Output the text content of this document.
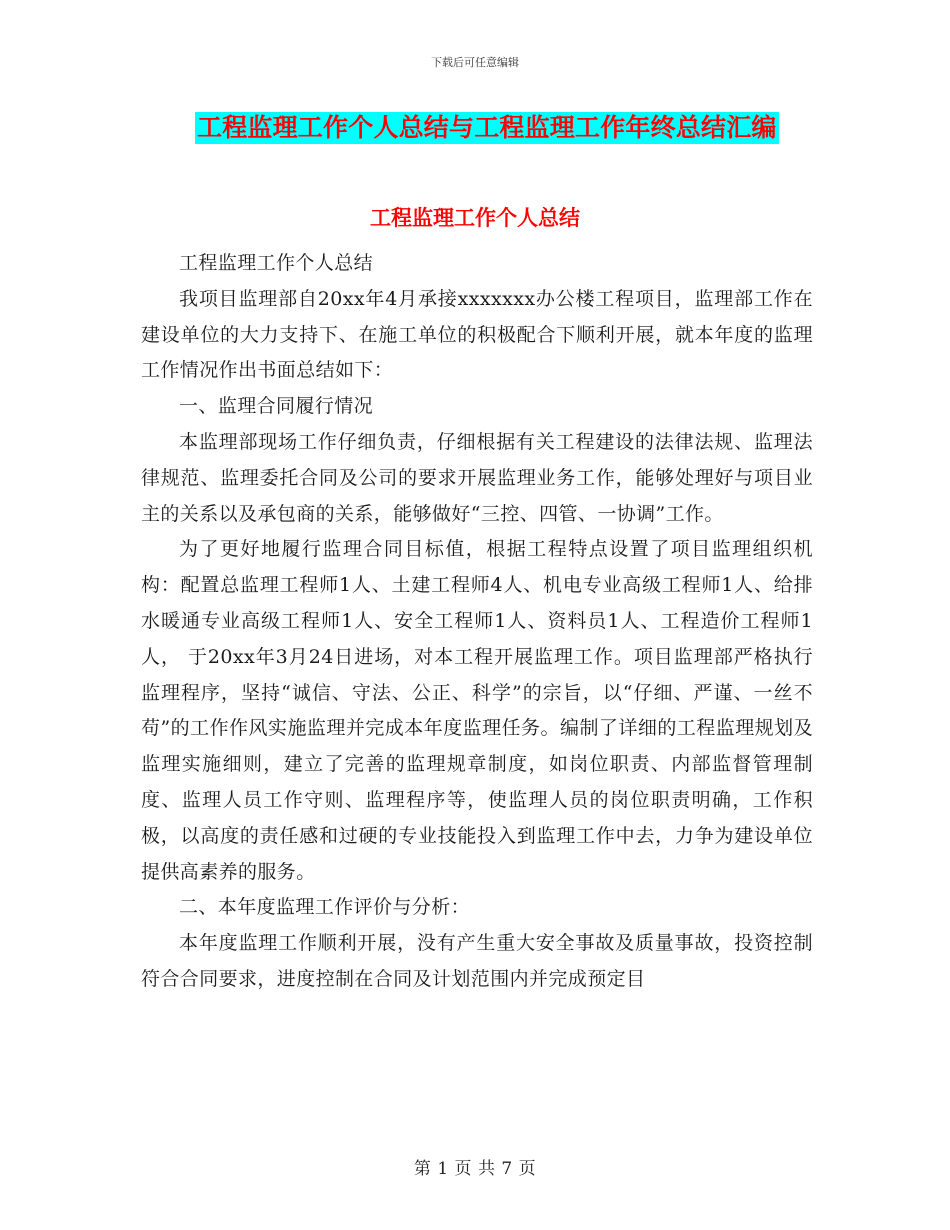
下载后可任意编辑
工程监理工作个人总结与工程监理工作年终总结汇编
工程监理工作个人总结

工程监理工作个人总结

我项目监理部自20xx年4月承接xxxxxxx办公楼工程项目，监理部工作在建设单位的大力支持下、在施工单位的积极配合下顺利开展，就本年度的监理工作情况作出书面总结如下：

一、监理合同履行情况

本监理部现场工作仔细负责，仔细根据有关工程建设的法律法规、监理法律规范、监理委托合同及公司的要求开展监理业务工作，能够处理好与项目业主的关系以及承包商的关系，能够做好“三控、四管、一协调”工作。

为了更好地履行监理合同目标值，根据工程特点设置了项目监理组织机构：配置总监理工程师1人、土建工程师4人、机电专业高级工程师1人、给排水暖通专业高级工程师1人、安全工程师1人、资料员1人、工程造价工程师1人， 于20xx年3月24日进场，对本工程开展监理工作。项目监理部严格执行监理程序，坚持“诚信、守法、公正、科学”的宗旨，以“仔细、严谨、一丝不苟”的工作作风实施监理并完成本年度监理任务。编制了详细的工程监理规划及监理实施细则，建立了完善的监理规章制度，如岗位职责、内部监督管理制度、监理人员工作守则、监理程序等，使监理人员的岗位职责明确，工作积极，以高度的责任感和过硬的专业技能投入到监理工作中去，力争为建设单位提供高素养的服务。

二、本年度监理工作评价与分析：

本年度监理工作顺利开展，没有产生重大安全事故及质量事故，投资控制符合合同要求，进度控制在合同及计划范围内并完成预定目

第 1 页 共 7 页
